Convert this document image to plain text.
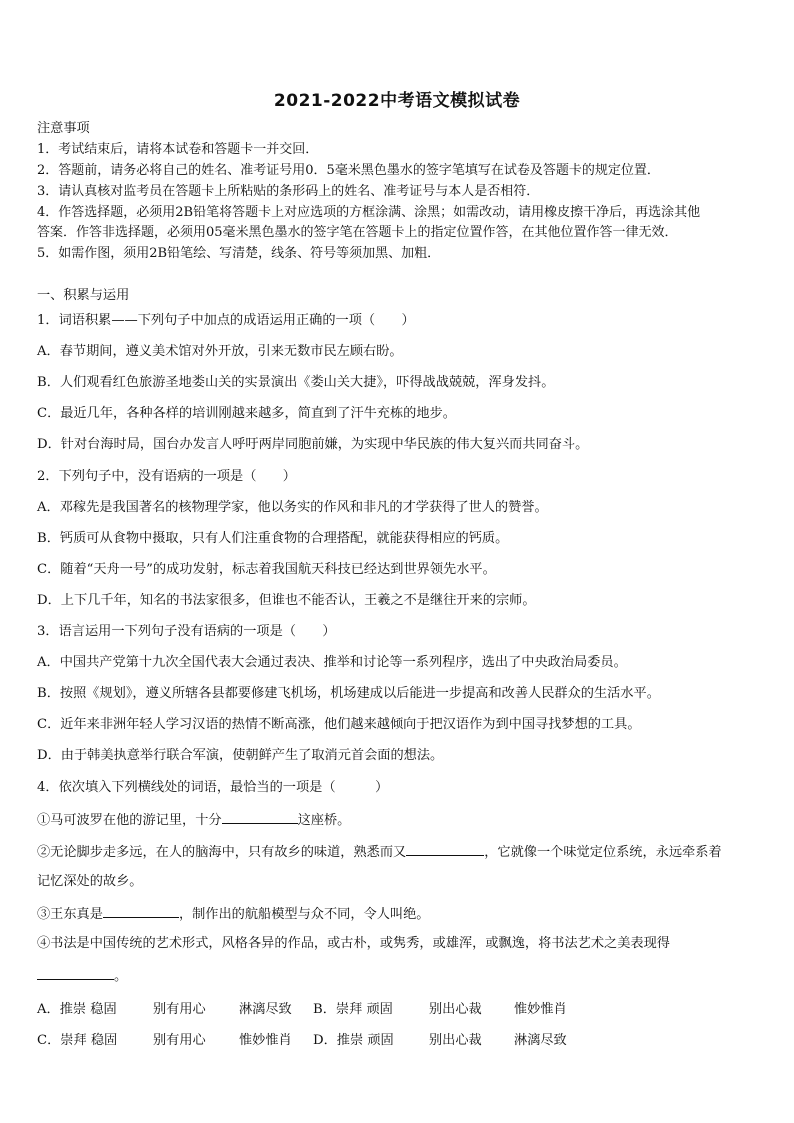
2021-2022中考语文模拟试卷
注意事项
1．考试结束后，请将本试卷和答题卡一并交回．
2．答题前，请务必将自己的姓名、准考证号用0．5毫米黑色墨水的签字笔填写在试卷及答题卡的规定位置．
3．请认真核对监考员在答题卡上所粘贴的条形码上的姓名、准考证号与本人是否相符．
4．作答选择题，必须用2B铅笔将答题卡上对应选项的方框涂满、涂黑；如需改动，请用橡皮擦干净后，再选涂其他
答案．作答非选择题，必须用05毫米黑色墨水的签字笔在答题卡上的指定位置作答，在其他位置作答一律无效．
5．如需作图，须用2B铅笔绘、写清楚，线条、符号等须加黑、加粗．
一、积累与运用
1．词语积累——下列句子中加点的成语运用正确的一项（　　）
A．春节期间，遵义美术馆对外开放，引来无数市民左顾右盼。
B．人们观看红色旅游圣地娄山关的实景演出《娄山关大捷》，吓得战战兢兢，浑身发抖。
C．最近几年，各种各样的培训刚越来越多，简直到了汗牛充栋的地步。
D．针对台海时局，国台办发言人呼吁两岸同胞前嫌，为实现中华民族的伟大复兴而共同奋斗。
2．下列句子中，没有语病的一项是（　　）
A．邓稼先是我国著名的核物理学家，他以务实的作风和非凡的才学获得了世人的赞誉。
B．钙质可从食物中摄取，只有人们注重食物的合理搭配，就能获得相应的钙质。
C．随着“天舟一号”的成功发射，标志着我国航天科技已经达到世界领先水平。
D．上下几千年，知名的书法家很多，但谁也不能否认，王羲之不是继往开来的宗师。
3．语言运用一下列句子没有语病的一项是（　　）
A．中国共产党第十九次全国代表大会通过表决、推举和讨论等一系列程序，选出了中央政治局委员。
B．按照《规划》，遵义所辖各县都要修建飞机场，机场建成以后能进一步提高和改善人民群众的生活水平。
C．近年来非洲年轻人学习汉语的热情不断高涨，他们越来越倾向于把汉语作为到中国寻找梦想的工具。
D．由于韩美执意举行联合军演，使朝鲜产生了取消元首会面的想法。
4．依次填入下列横线处的词语，最恰当的一项是（　　　）
①马可波罗在他的游记里，十分	这座桥。
②无论脚步走多远，在人的脑海中，只有故乡的味道，熟悉而又	，它就像一个味觉定位系统，永远牵系着
记忆深处的故乡。
③王东真是	，制作出的航船模型与众不同，令人叫绝。
④书法是中国传统的艺术形式，风格各异的作品，或古朴，或隽秀，或雄浑，或飘逸，将书法艺术之美表现得
。
A．推崇 稳固	别有用心	淋漓尽致 B．崇拜 顽固	别出心裁 惟妙惟肖
C．崇拜 稳固	别有用心	惟妙惟肖 D．推崇 顽固	别出心裁 淋漓尽致
